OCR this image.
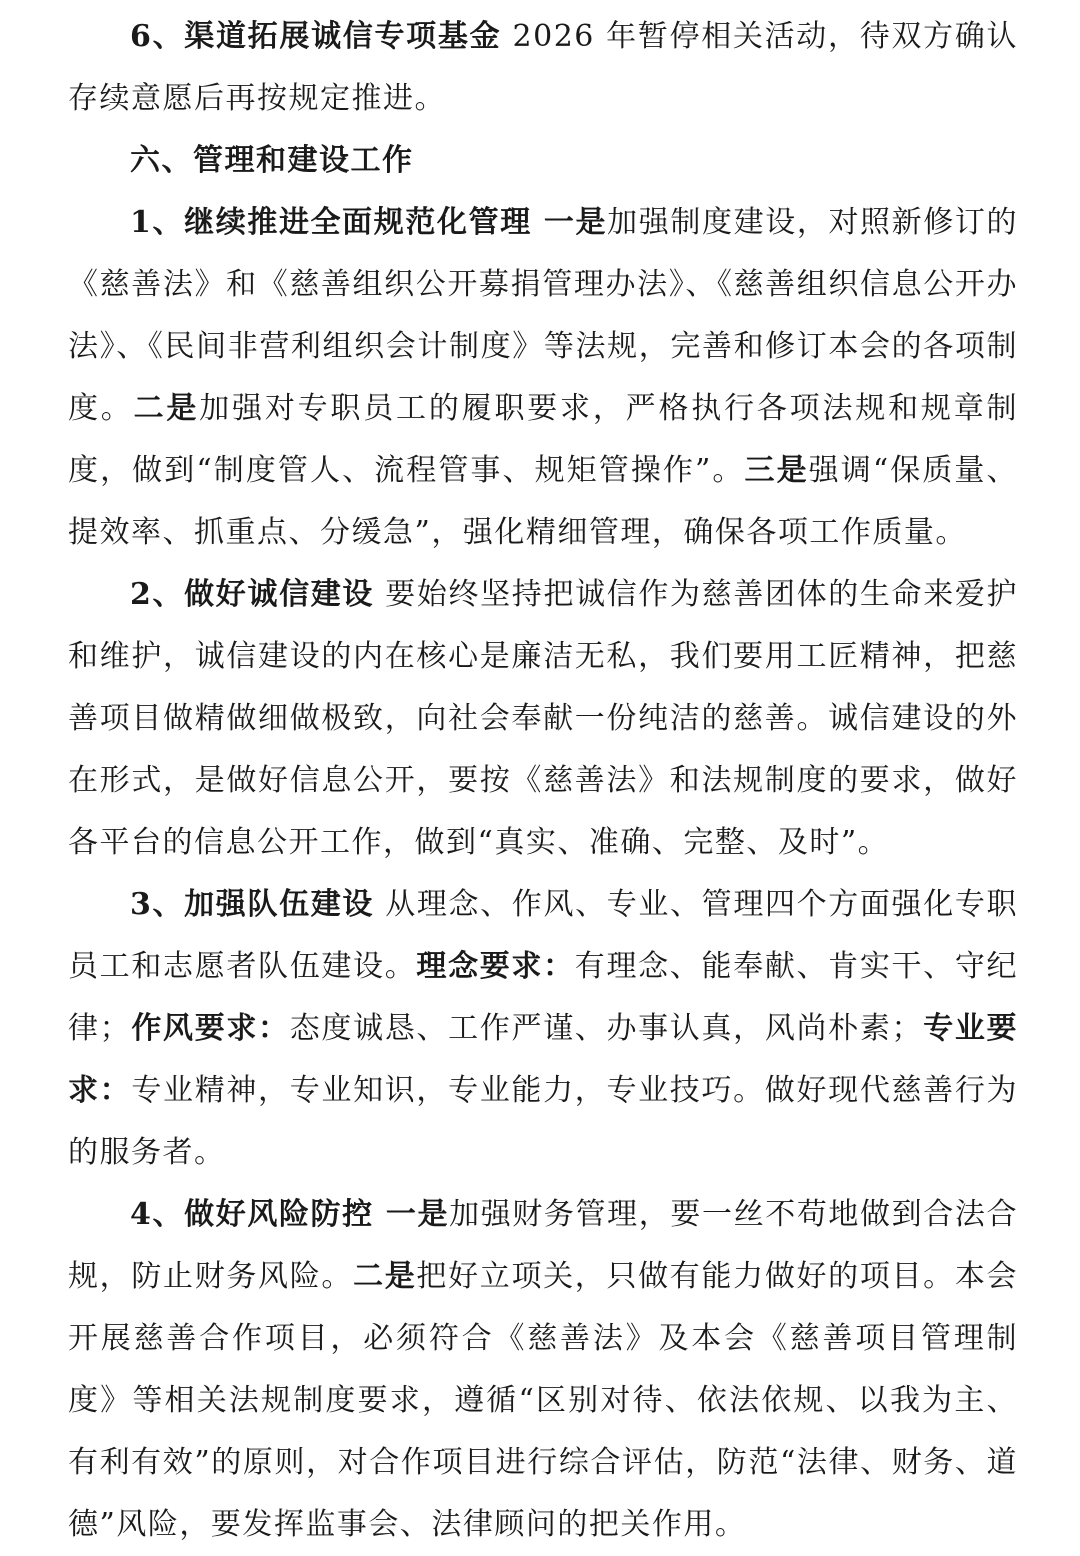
6、渠道拓展诚信专项基金 2026 年暂停相关活动，待双方确认存续意愿后再按规定推进。

六、管理和建设工作

1、继续推进全面规范化管理 一是加强制度建设，对照新修订的《慈善法》和《慈善组织公开募捐管理办法》、《慈善组织信息公开办法》、《民间非营利组织会计制度》等法规，完善和修订本会的各项制度。二是加强对专职员工的履职要求，严格执行各项法规和规章制度，做到“制度管人、流程管事、规矩管操作”。三是强调“保质量、提效率、抓重点、分缓急”，强化精细管理，确保各项工作质量。

2、做好诚信建设 要始终坚持把诚信作为慈善团体的生命来爱护和维护，诚信建设的内在核心是廉洁无私，我们要用工匠精神，把慈善项目做精做细做极致，向社会奉献一份纯洁的慈善。诚信建设的外在形式，是做好信息公开，要按《慈善法》和法规制度的要求，做好各平台的信息公开工作，做到“真实、准确、完整、及时”。

3、加强队伍建设 从理念、作风、专业、管理四个方面强化专职员工和志愿者队伍建设。理念要求：有理念、能奉献、肯实干、守纪律；作风要求：态度诚恳、工作严谨、办事认真，风尚朴素；专业要求：专业精神，专业知识，专业能力，专业技巧。做好现代慈善行为的服务者。

4、做好风险防控 一是加强财务管理，要一丝不苟地做到合法合规，防止财务风险。二是把好立项关，只做有能力做好的项目。本会开展慈善合作项目，必须符合《慈善法》及本会《慈善项目管理制度》等相关法规制度要求，遵循“区别对待、依法依规、以我为主、有利有效”的原则，对合作项目进行综合评估，防范“法律、财务、道德”风险，要发挥监事会、法律顾问的把关作用。
